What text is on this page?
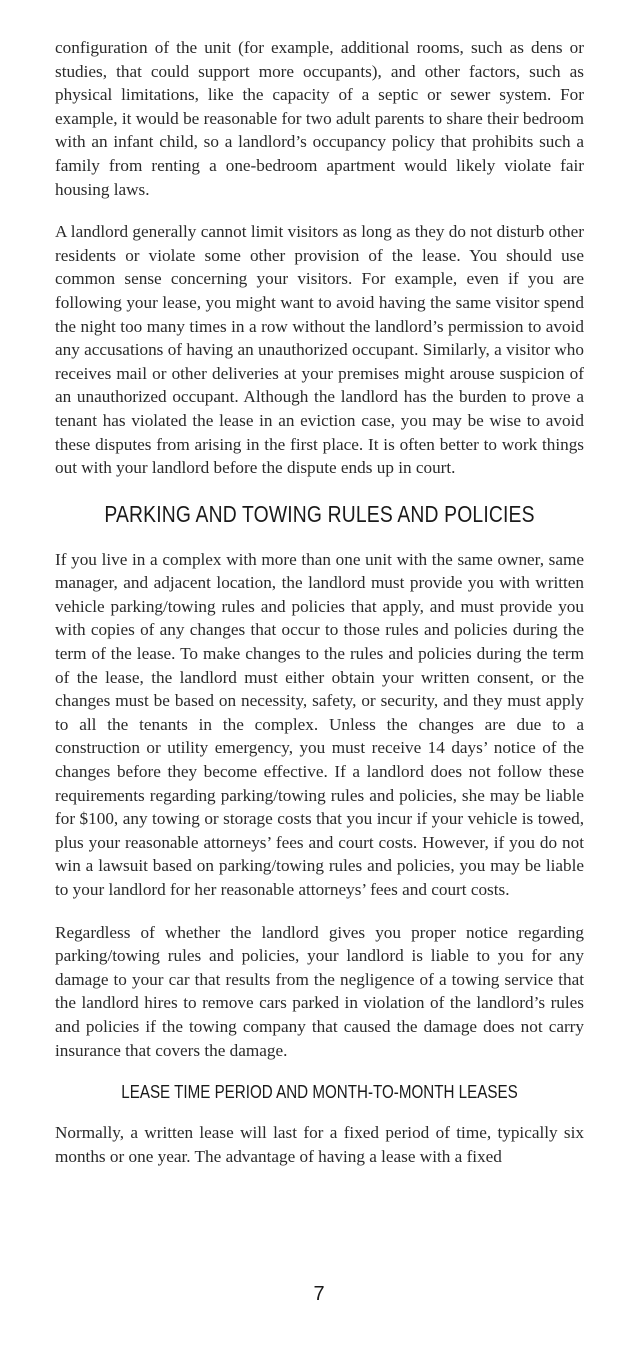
configuration of the unit (for example, additional rooms, such as dens or studies, that could support more occupants), and other factors, such as physical limitations, like the capacity of a septic or sewer system. For example, it would be reasonable for two adult parents to share their bedroom with an infant child, so a landlord’s occupancy policy that prohibits such a family from renting a one-bedroom apartment would likely violate fair housing laws.

A landlord generally cannot limit visitors as long as they do not disturb other residents or violate some other provision of the lease. You should use common sense concerning your visitors. For example, even if you are following your lease, you might want to avoid having the same visitor spend the night too many times in a row without the landlord’s permission to avoid any accusations of having an unauthorized occupant. Similarly, a visitor who receives mail or other deliveries at your premises might arouse suspicion of an unauthorized occupant. Although the landlord has the burden to prove a tenant has violated the lease in an eviction case, you may be wise to avoid these disputes from arising in the first place. It is often better to work things out with your landlord before the dispute ends up in court.

PARKING AND TOWING RULES AND POLICIES

If you live in a complex with more than one unit with the same owner, same manager, and adjacent location, the landlord must provide you with written vehicle parking/towing rules and policies that apply, and must provide you with copies of any changes that occur to those rules and policies during the term of the lease. To make changes to the rules and policies during the term of the lease, the landlord must either obtain your written consent, or the changes must be based on necessity, safety, or security, and they must apply to all the tenants in the complex. Unless the changes are due to a construction or utility emergency, you must receive 14 days’ notice of the changes before they become effective. If a landlord does not follow these requirements regarding parking/towing rules and policies, she may be liable for $100, any towing or storage costs that you incur if your vehicle is towed, plus your reasonable attorneys’ fees and court costs. However, if you do not win a lawsuit based on parking/towing rules and policies, you may be liable to your landlord for her reasonable attorneys’ fees and court costs.

Regardless of whether the landlord gives you proper notice regarding parking/towing rules and policies, your landlord is liable to you for any damage to your car that results from the negligence of a towing service that the landlord hires to remove cars parked in violation of the landlord’s rules and policies if the towing company that caused the damage does not carry insurance that covers the damage.

LEASE TIME PERIOD AND MONTH-TO-MONTH LEASES

Normally, a written lease will last for a fixed period of time, typically six months or one year. The advantage of having a lease with a fixed

7
